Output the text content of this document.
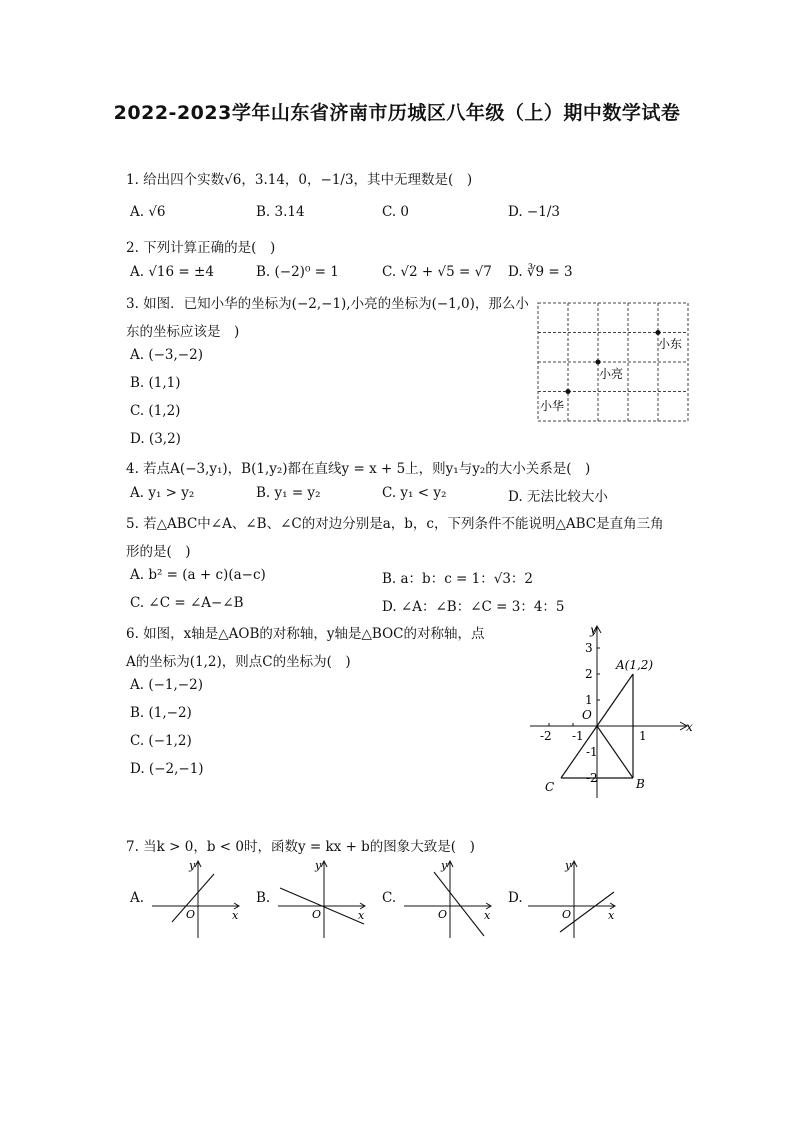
2022-2023学年山东省济南市历城区八年级（上）期中数学试卷
1. 给出四个实数√6，3.14，0，−1/3，其中无理数是(　)
A. √6	B. 3.14	C. 0	D. −1/3
2. 下列计算正确的是(　)
A. √16 = ±4	B. (−2)⁰ = 1	C. √2 + √5 = √7 D. ∛9 = 3
3. 如图．已知小华的坐标为(−2,−1),小亮的坐标为(−1,0)，那么小
东的坐标应该是　)
A. (−3,−2)
B. (1,1)
C. (1,2)
D. (3,2)
小东
小亮
小华
4. 若点A(−3,y₁)，B(1,y₂)都在直线y = x + 5上，则y₁与y₂的大小关系是(　)
A. y₁ > y₂	B. y₁ = y₂	C. y₁ < y₂	D. 无法比较大小
5. 若△ABC中∠A、∠B、∠C的对边分别是a，b，c，下列条件不能说明△ABC是直角三角
形的是(　)
A. b² = (a + c)(a−c)	B. a：b：c = 1：√3：2
C. ∠C = ∠A−∠B	D. ∠A：∠B：∠C = 3：4：5
6. 如图，x轴是△AOB的对称轴，y轴是△BOC的对称轴，点
A的坐标为(1,2)，则点C的坐标为(　)
A. (−1,−2)
B. (1,−2)
C. (−1,2)
D. (−2,−1)
y
x
A(1,2)
O
B
C
3
2
1
-1
-2
-2 -1	1
7. 当k > 0，b < 0时，函数y = kx + b的图象大致是(　)
A.	B.	C.	D.
y
x
O
y
x
O
y
x
O
y
x
O
